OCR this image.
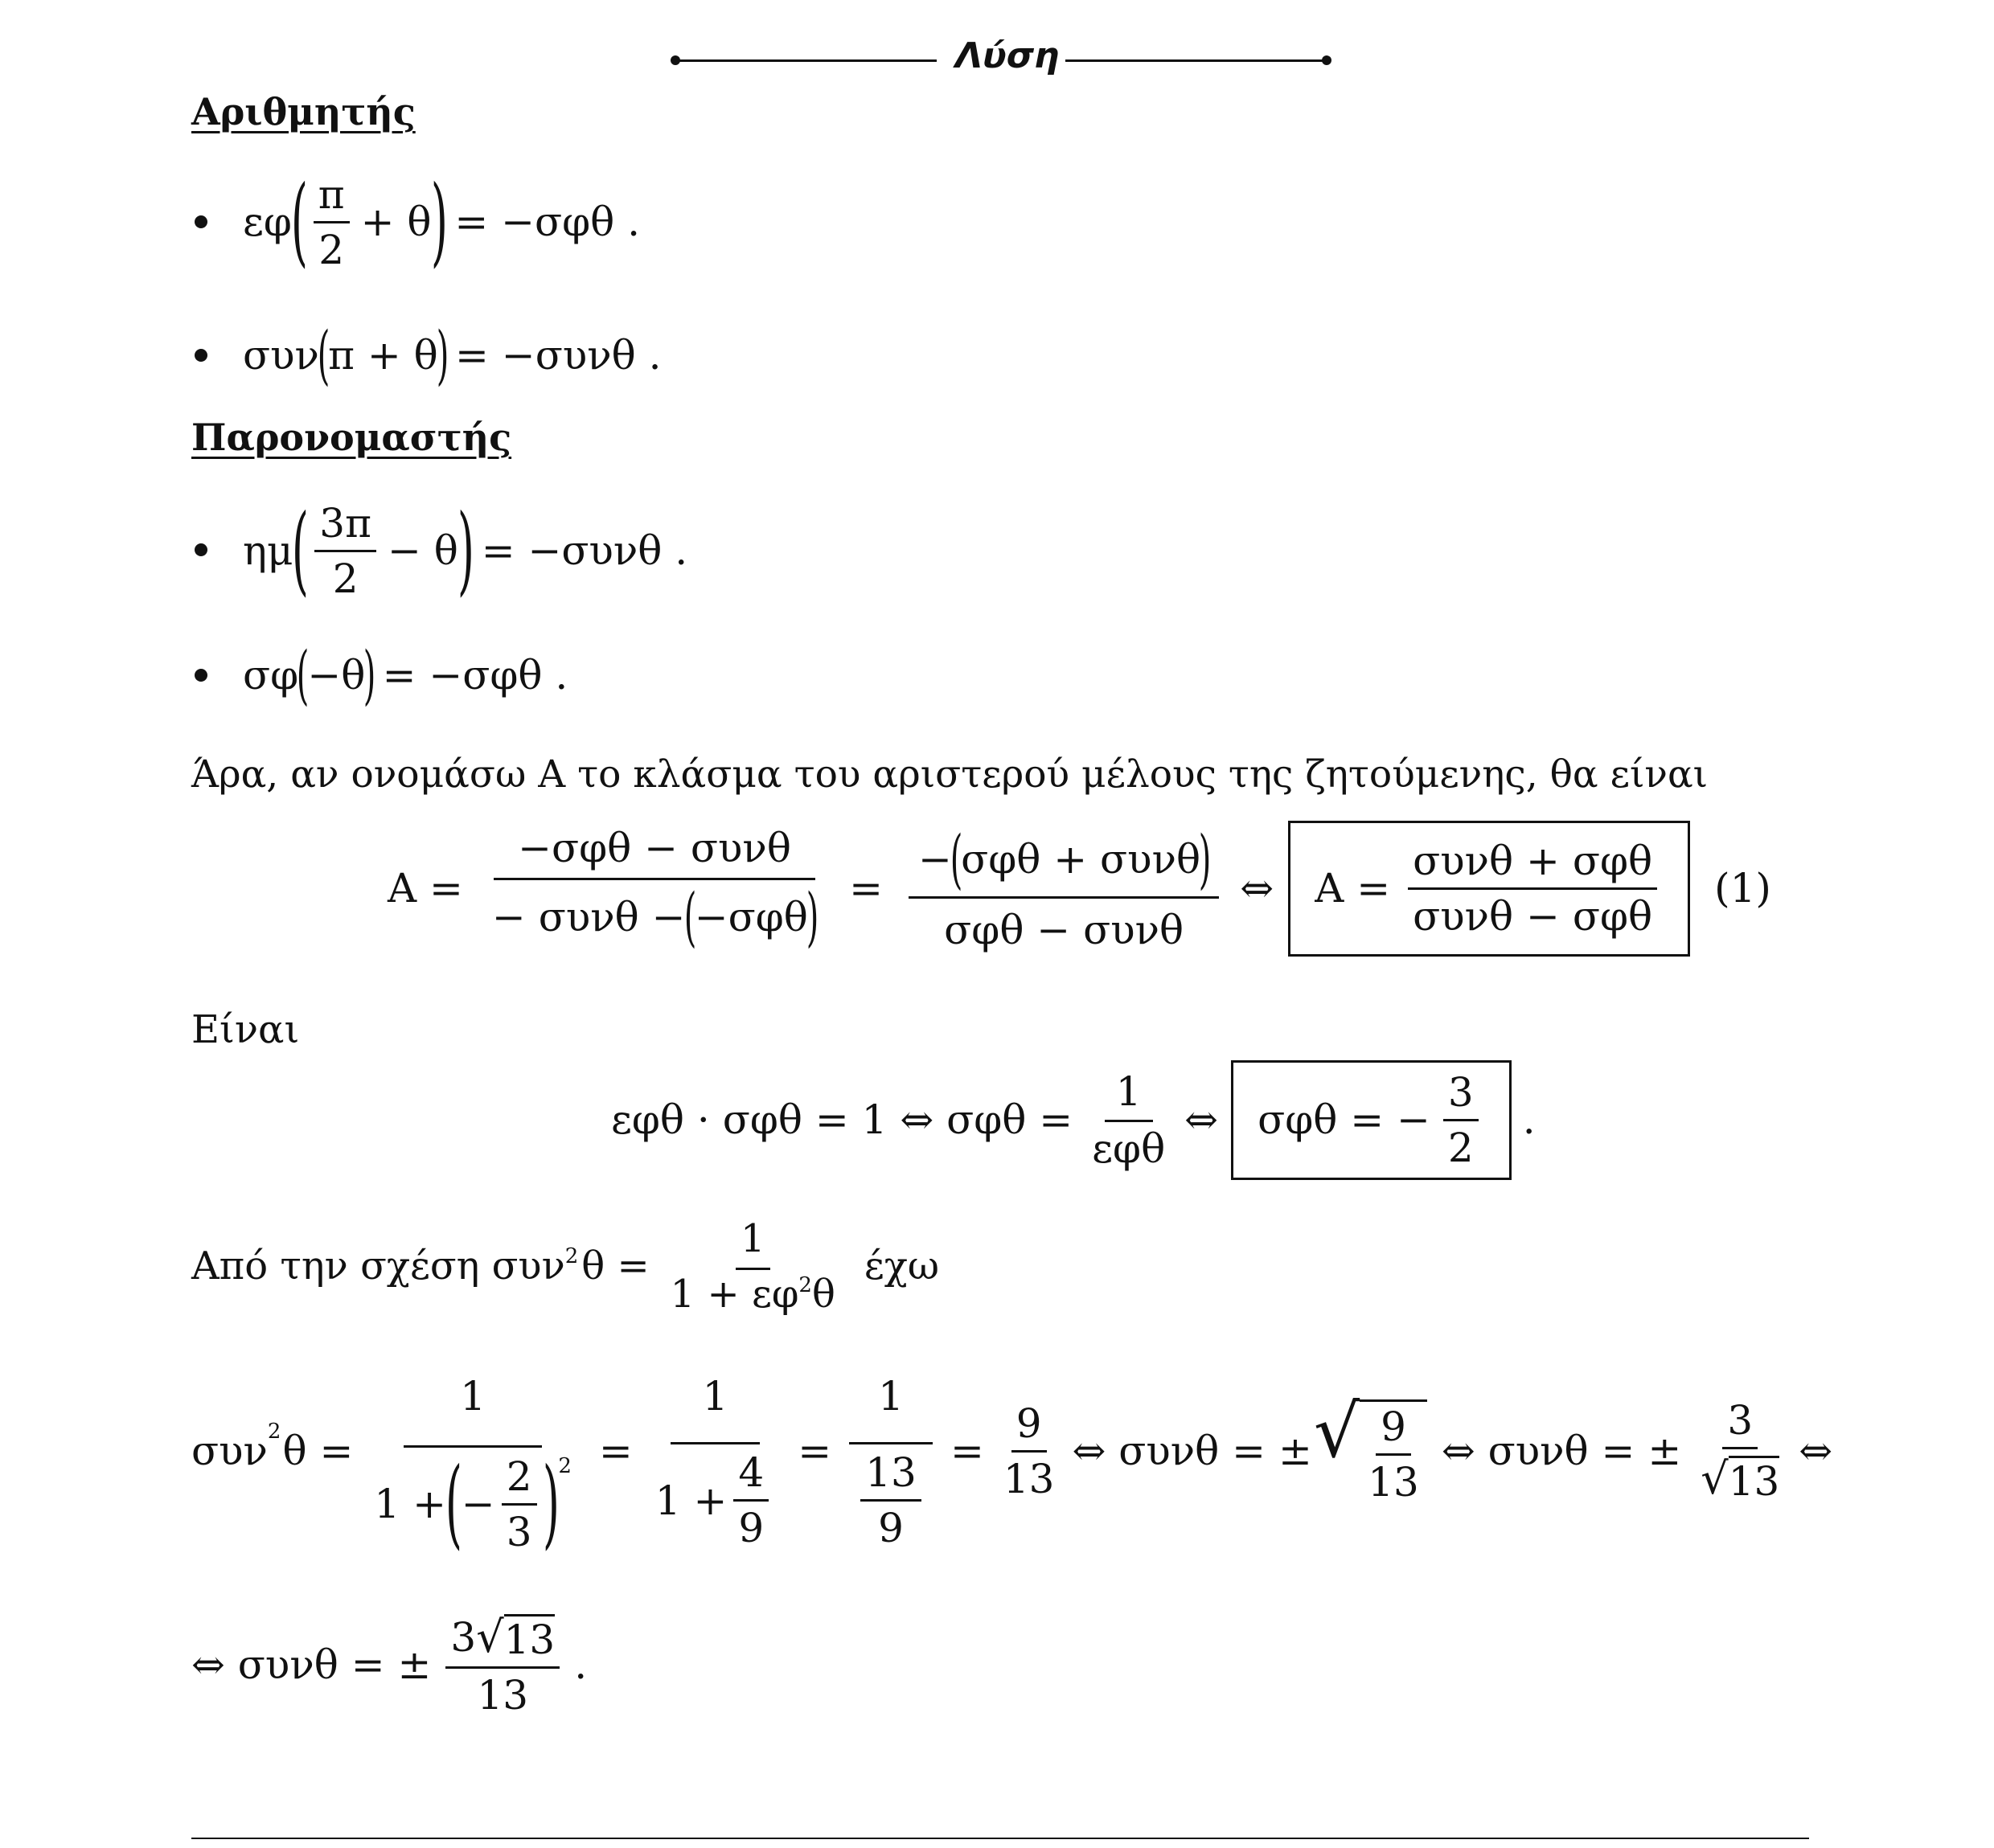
Λύση
Αριθμητής
εφ
( $\frac{\pi}{2} + \theta$
) = −σφθ .
συν
(
π + θ
) = −συνθ .
Παρονομαστής
ημ
( $\frac{3\pi}{2} - \theta$
) = −συνθ .
σφ
(
−θ
) = −σφθ .
Άρα, αν ονομάσω Α το κλάσμα του αριστερού μέλους της ζητούμενης, θα είναι
Α = −σφθ − συνθ
− συνθ −
(
−σφθ
) = −
(
σφθ + συνθ
)
σφθ − συνθ ⇔ $A = \frac{\text{συνθ + σφθ}}{\text{συνθ − σφθ}} (1)$
Είναι
εφθ · σφθ = 1 ⇔ $\sigma\varphi\theta = \frac{1}{\text{εφθ}}$ ⇔ σφθ = − $\frac{3}{2}$ .
Από την σχέση συν$^2$ $\theta = \frac{1}{1 + \varepsilon\varphi^2 \theta}$ έχω
συν$^2$ θ =
1
1 +
(
− $\frac{2}{3}$ )
$2 = \frac{1}{1 + \frac{4}{9}} = \frac{1}{\frac{13}{9}} = \frac{9}{13}$ ⇔ συνθ = ± √ $\frac{9}{13}$ ⇔ συνθ = ± $\frac{3}{√ 13}$ ⇔
⇔ συνθ = ± $\frac{3 √ 13}{13}$ .
